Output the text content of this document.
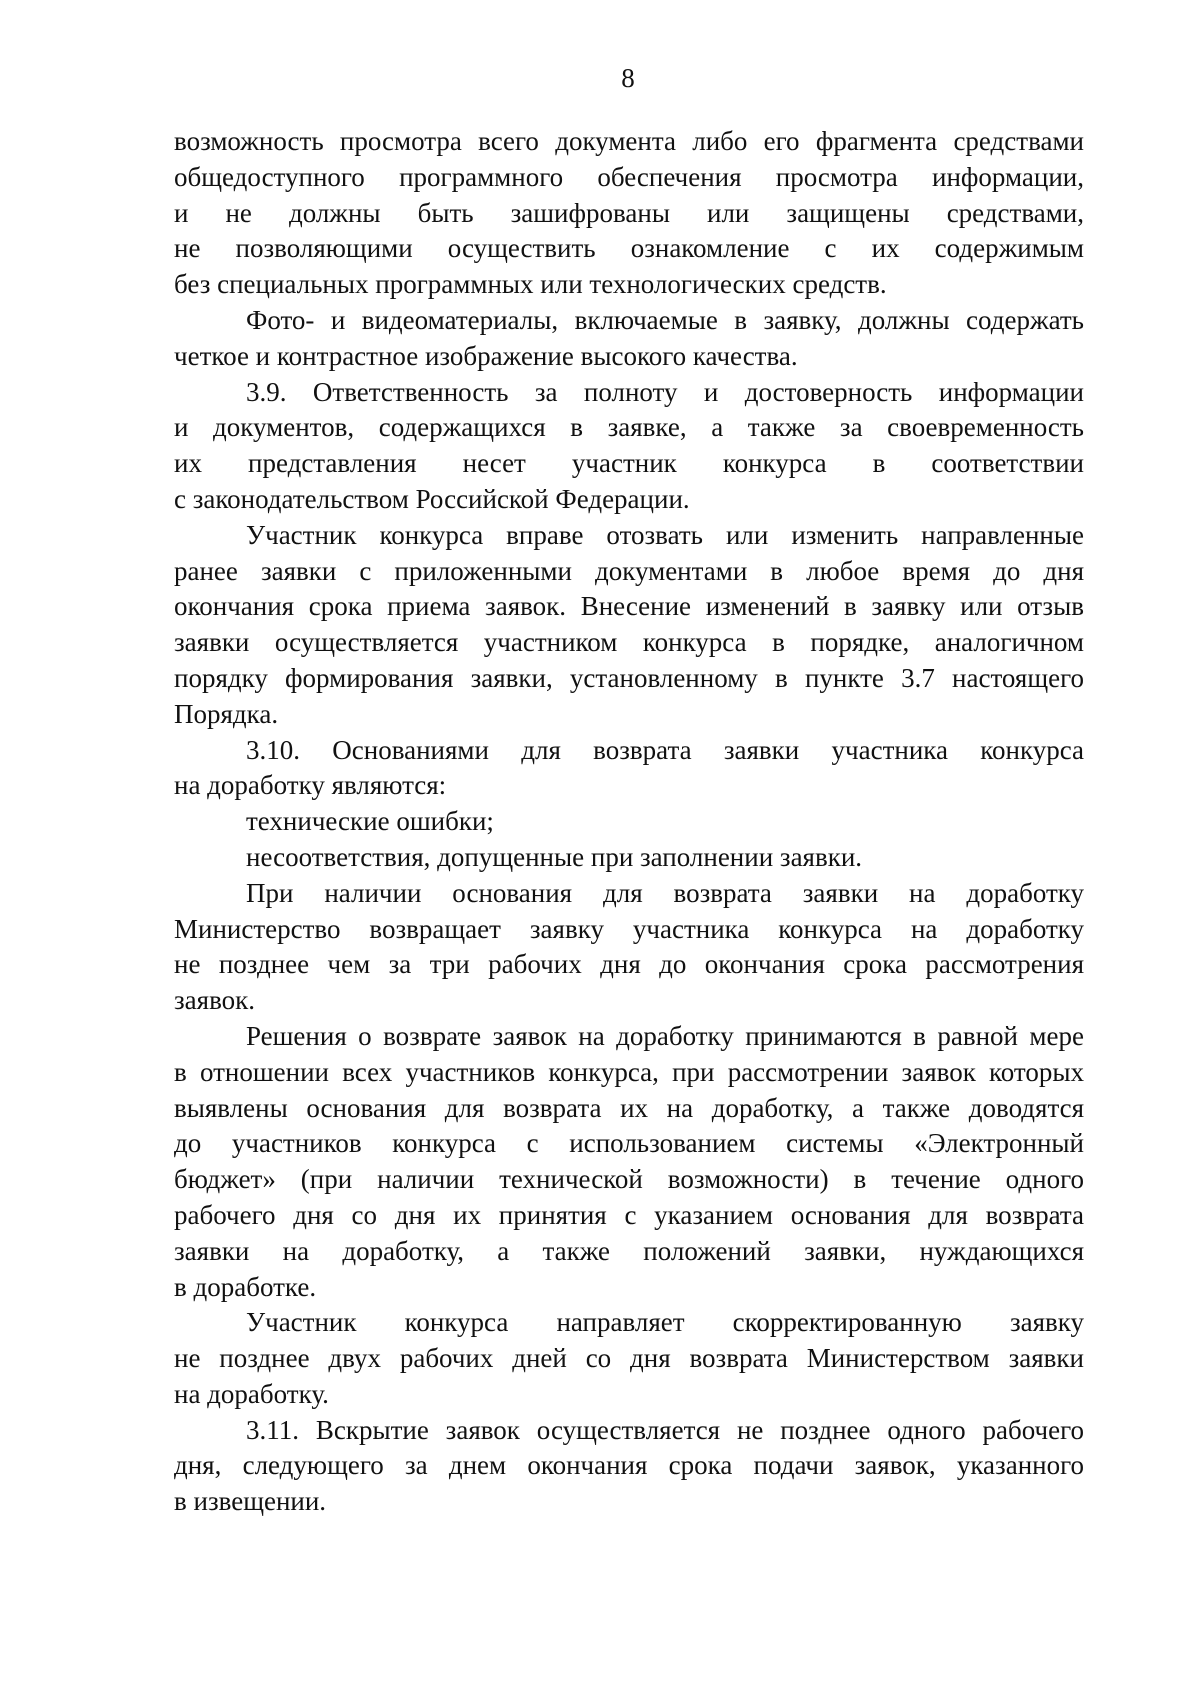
8

возможность просмотра всего документа либо его фрагмента средствами

общедоступного программного обеспечения просмотра информации,

и не должны быть зашифрованы или защищены средствами,

не позволяющими осуществить ознакомление с их содержимым

без специальных программных или технологических средств.

Фото- и видеоматериалы, включаемые в заявку, должны содержать

четкое и контрастное изображение высокого качества.

3.9. Ответственность за полноту и достоверность информации

и документов, содержащихся в заявке, а также за своевременность

их представления несет участник конкурса в соответствии

с законодательством Российской Федерации.

Участник конкурса вправе отозвать или изменить направленные

ранее заявки с приложенными документами в любое время до дня

окончания срока приема заявок. Внесение изменений в заявку или отзыв

заявки осуществляется участником конкурса в порядке, аналогичном

порядку формирования заявки, установленному в пункте 3.7 настоящего

Порядка.

3.10. Основаниями для возврата заявки участника конкурса

на доработку являются:

технические ошибки;

несоответствия, допущенные при заполнении заявки.

При наличии основания для возврата заявки на доработку

Министерство возвращает заявку участника конкурса на доработку

не позднее чем за три рабочих дня до окончания срока рассмотрения

заявок.

Решения о возврате заявок на доработку принимаются в равной мере

в отношении всех участников конкурса, при рассмотрении заявок которых

выявлены основания для возврата их на доработку, а также доводятся

до участников конкурса с использованием системы «Электронный

бюджет» (при наличии технической возможности) в течение одного

рабочего дня со дня их принятия с указанием основания для возврата

заявки на доработку, а также положений заявки, нуждающихся

в доработке.

Участник конкурса направляет скорректированную заявку

не позднее двух рабочих дней со дня возврата Министерством заявки

на доработку.

3.11. Вскрытие заявок осуществляется не позднее одного рабочего

дня, следующего за днем окончания срока подачи заявок, указанного

в извещении.
